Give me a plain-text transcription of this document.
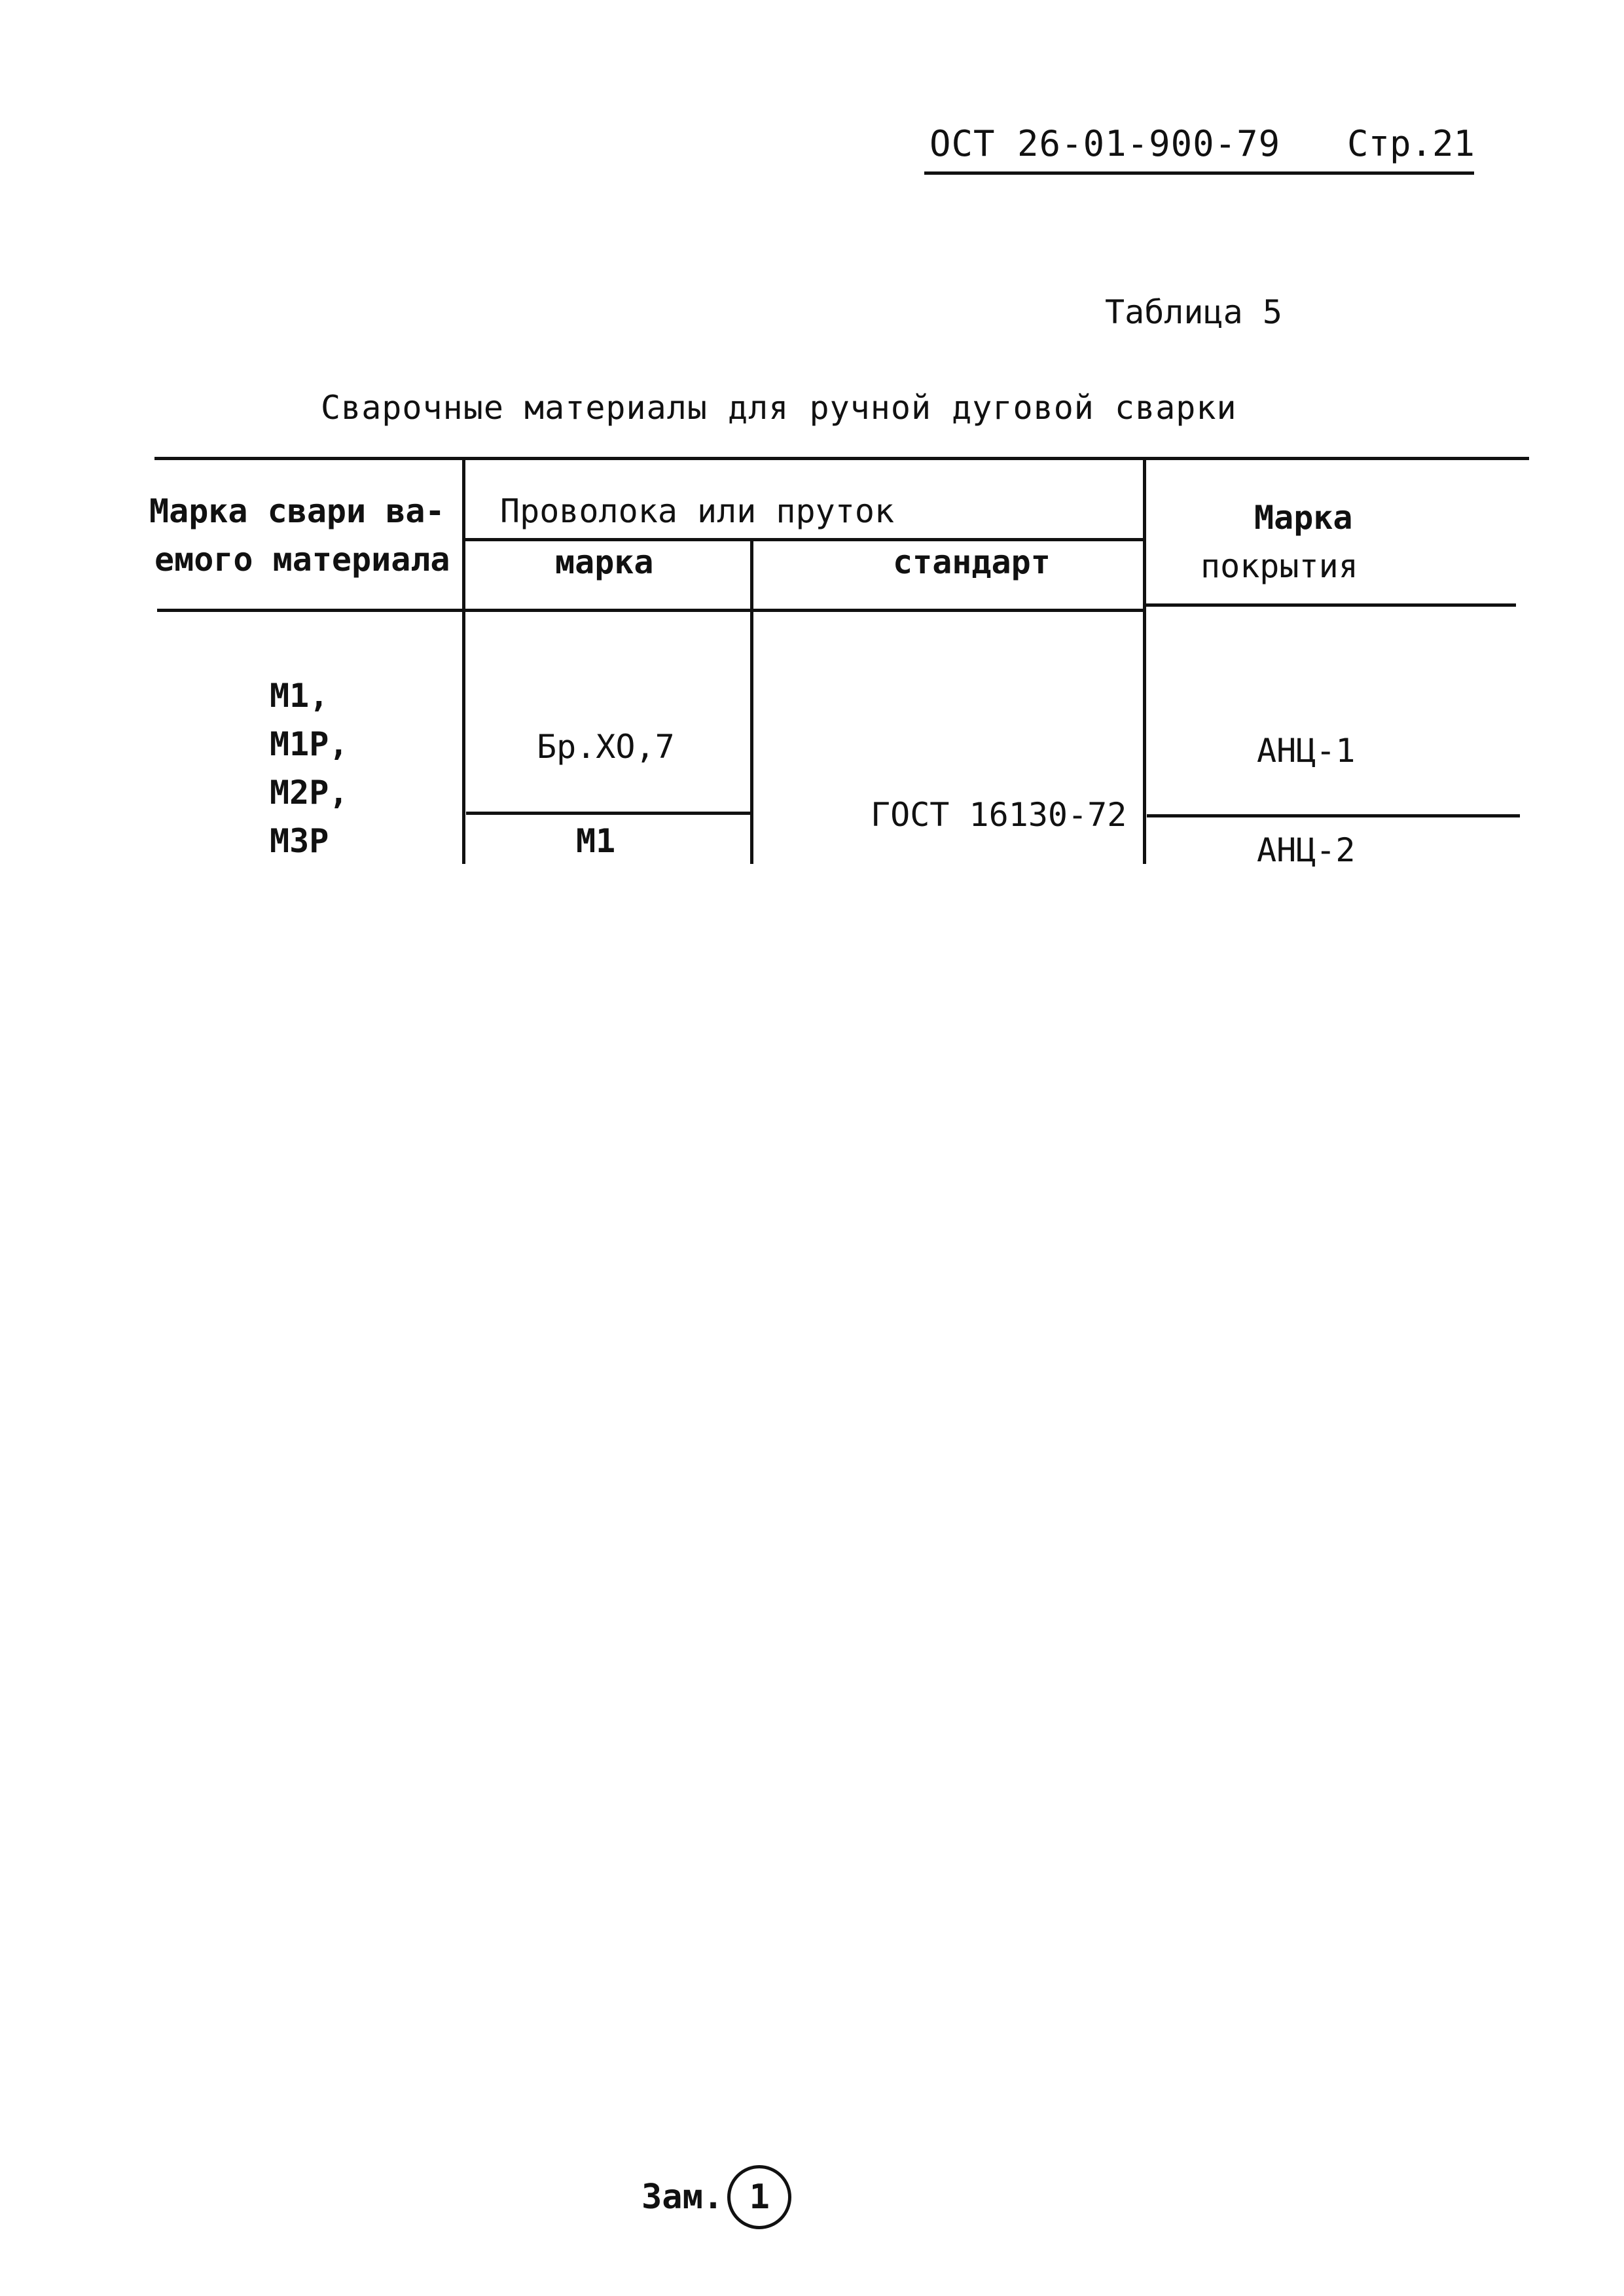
ОСТ 26-01-900-79 Стр.21
Таблица 5
Сварочные материалы для ручной дуговой сварки
Марка свари ва-
емого материала
Проволока или пруток
марка	стандарт
Марка
покрытия
М1,
М1Р,
М2Р,
М3Р
Бр.ХО,7
М1
ГОСТ 16130-72
АНЦ-1
АНЦ-2
Зам. 1
